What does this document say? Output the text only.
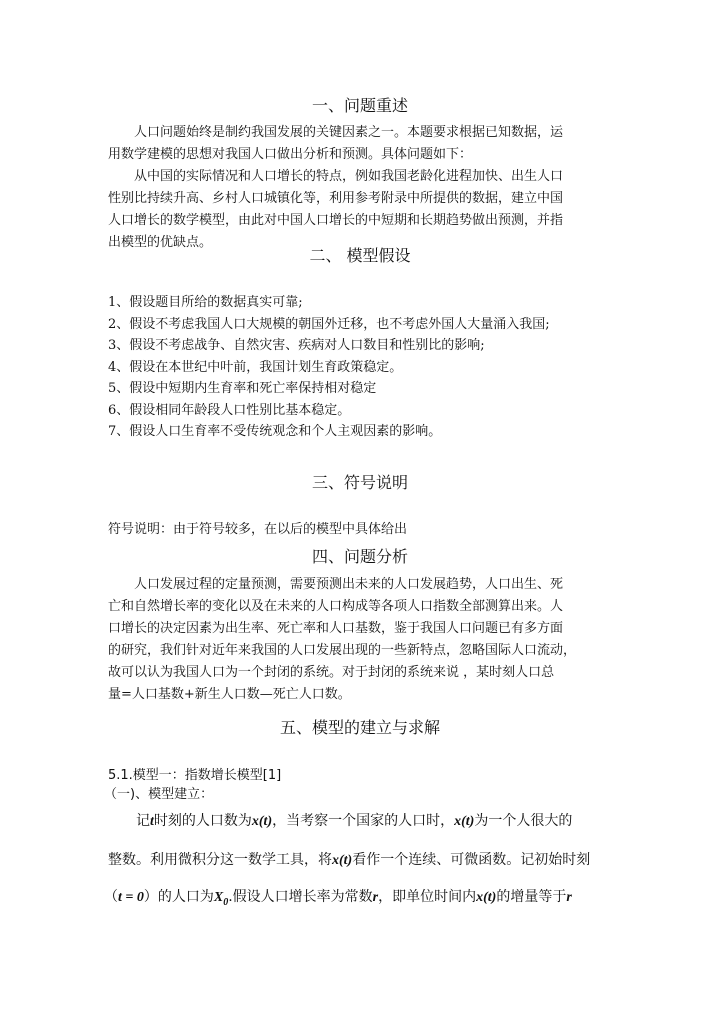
一、问题重述
　　人口问题始终是制约我国发展的关键因素之一。本题要求根据已知数据，运
用数学建模的思想对我国人口做出分析和预测。具体问题如下：
　　从中国的实际情况和人口增长的特点，例如我国老龄化进程加快、出生人口
性别比持续升高、乡村人口城镇化等，利用参考附录中所提供的数据，建立中国
人口增长的数学模型，由此对中国人口增长的中短期和长期趋势做出预测，并指
出模型的优缺点。
二、 模型假设
1、假设题目所给的数据真实可靠;
2、假设不考虑我国人口大规模的朝国外迁移，也不考虑外国人大量涌入我国;
3、假设不考虑战争、自然灾害、疾病对人口数目和性别比的影响;
4、假设在本世纪中叶前，我国计划生育政策稳定。
5、假设中短期内生育率和死亡率保持相对稳定
6、假设相同年龄段人口性别比基本稳定。
7、假设人口生育率不受传统观念和个人主观因素的影响。
三、符号说明
符号说明：由于符号较多，在以后的模型中具体给出
四、问题分析
　　人口发展过程的定量预测，需要预测出未来的人口发展趋势，人口出生、死
亡和自然增长率的变化以及在未来的人口构成等各项人口指数全部测算出来。人
口增长的决定因素为出生率、死亡率和人口基数，鉴于我国人口问题已有多方面
的研究，我们针对近年来我国的人口发展出现的一些新特点，忽略国际人口流动，
故可以认为我国人口为一个封闭的系统。对于封闭的系统来说 ，某时刻人口总
量=人口基数+新生人口数—死亡人口数。
五、模型的建立与求解
5.1.模型一：指数增长模型[1]
（一)、模型建立：
　　记t时刻的人口数为x(t)，当考察一个国家的人口时，x(t)为一个人很大的
整数。利用微积分这一数学工具，将x(t)看作一个连续、可微函数。记初始时刻
（t = 0）的人口为$X_0$.假设人口增长率为常数r，即单位时间内x(t)的增量等于r
